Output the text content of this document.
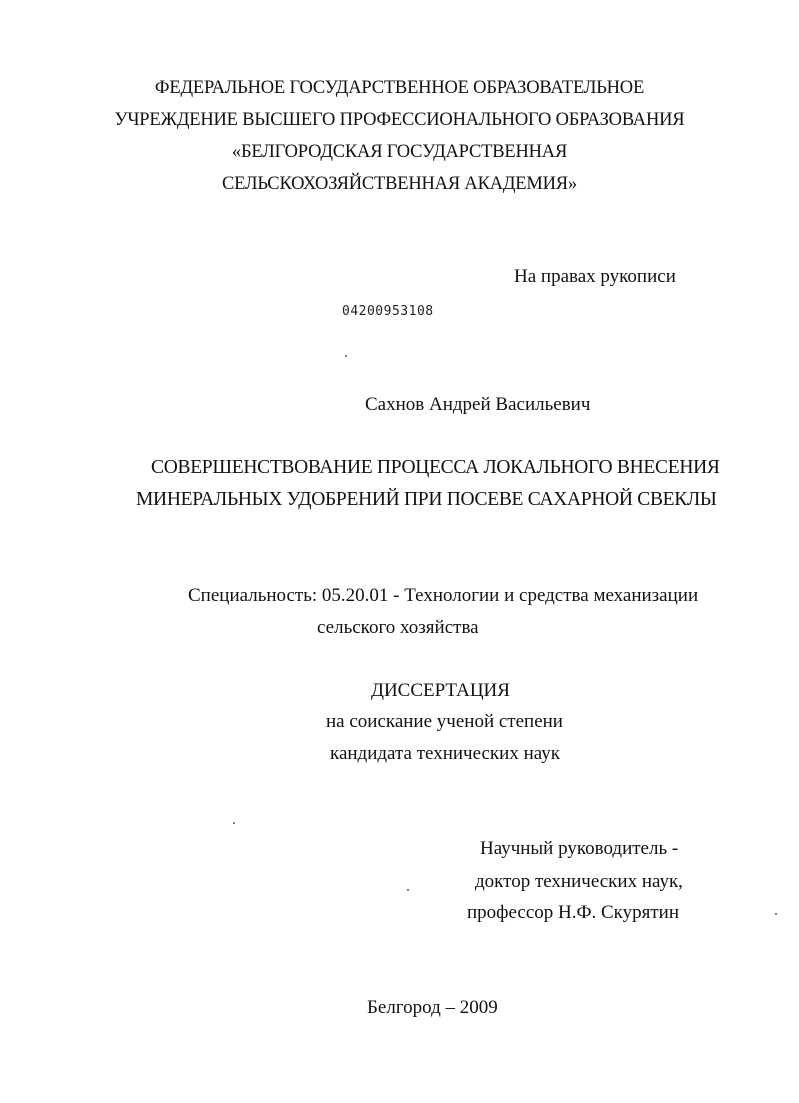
ФЕДЕРАЛЬНОЕ ГОСУДАРСТВЕННОЕ ОБРАЗОВАТЕЛЬНОЕ
УЧРЕЖДЕНИЕ ВЫСШЕГО ПРОФЕССИОНАЛЬНОГО ОБРАЗОВАНИЯ
«БЕЛГОРОДСКАЯ ГОСУДАРСТВЕННАЯ
СЕЛЬСКОХОЗЯЙСТВЕННАЯ АКАДЕМИЯ»
На правах рукописи
04200953108
Сахнов Андрей Васильевич
СОВЕРШЕНСТВОВАНИЕ ПРОЦЕССА ЛОКАЛЬНОГО ВНЕСЕНИЯ
МИНЕРАЛЬНЫХ УДОБРЕНИЙ ПРИ ПОСЕВЕ САХАРНОЙ СВЕКЛЫ
Специальность: 05.20.01 - Технологии и средства механизации
сельского хозяйства
ДИССЕРТАЦИЯ
на соискание ученой степени
кандидата технических наук
Научный руководитель -
доктор технических наук,
профессор Н.Ф. Скурятин
Белгород – 2009
